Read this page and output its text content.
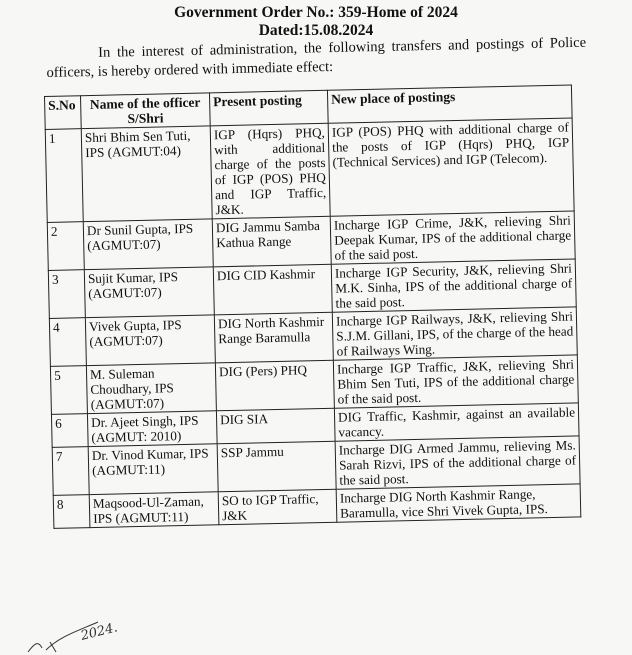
Government Order No.: 359-Home of 2024
Dated:15.08.2024
In the interest of administration, the following transfers and postings of Police officers, is hereby ordered with immediate effect:
S.No	Name of the officer S/Shri	Present posting	New place of postings
1	Shri Bhim Sen Tuti, IPS (AGMUT:04)	IGP (Hqrs) PHQ, with additional charge of the posts of IGP (POS) PHQ and IGP Traffic, J&K.	IGP (POS) PHQ with additional charge of the posts of IGP (Hqrs) PHQ, IGP (Technical Services) and IGP (Telecom).
2	Dr Sunil Gupta, IPS (AGMUT:07)	DIG Jammu Samba Kathua Range	Incharge IGP Crime, J&K, relieving Shri Deepak Kumar, IPS of the additional charge of the said post.
3	Sujit Kumar, IPS (AGMUT:07)	DIG CID Kashmir	Incharge IGP Security, J&K, relieving Shri M.K. Sinha, IPS of the additional charge of the said post.
4	Vivek Gupta, IPS (AGMUT:07)	DIG North Kashmir Range Baramulla	Incharge IGP Railways, J&K, relieving Shri S.J.M. Gillani, IPS, of the charge of the head of Railways Wing.
5	M. Suleman Choudhary, IPS (AGMUT:07)	DIG (Pers) PHQ	Incharge IGP Traffic, J&K, relieving Shri Bhim Sen Tuti, IPS of the additional charge of the said post.
6	Dr. Ajeet Singh, IPS (AGMUT: 2010)	DIG SIA	DIG Traffic, Kashmir, against an available vacancy.
7	Dr. Vinod Kumar, IPS (AGMUT:11)	SSP Jammu	Incharge DIG Armed Jammu, relieving Ms. Sarah Rizvi, IPS of the additional charge of the said post.
8	Maqsood-Ul-Zaman, IPS (AGMUT:11)	SO to IGP Traffic, J&K	Incharge DIG North Kashmir Range, Baramulla, vice Shri Vivek Gupta, IPS.
2024.
